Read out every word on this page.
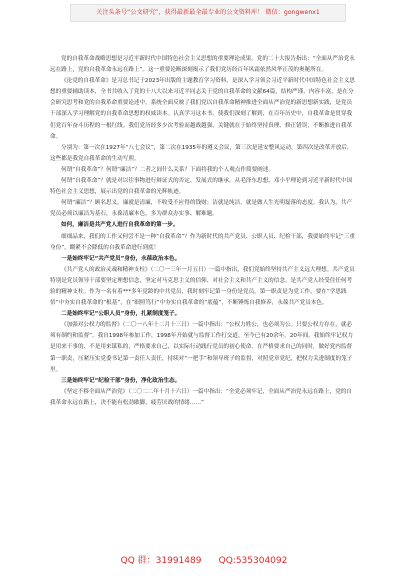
关注头条号“公文研究”，获得最新最全最专业的公文资料库！ 微信：gongwenx1

党的自我革命战略思想是习近平新时代中国特色社会主义思想的重要理论成果。党的二十大报告指出：“全面从严治党永远在路上，党的自我革命永远在路上”。这一重要论断深刻揭示了我们党历经百年风霜依然风华正茂的奥秘所在。

《论党的自我革命》是习总书记于2023年出版的主题教育学习资料，是深入学习领会习近平新时代中国特色社会主义思想的重要辅助读本，全书共收入了党的十八大以来习近平同志关于党的自我革命的文献64篇，结构严谨，内容丰富，是在分会研究思考和党的自我革命重要论述中，系统全面反映了我们党以自我革命精神推进全面从严治党的新思想新实践，是党员干部深入学习理解党的自我革命思想的权威读本。认真学习这本书，使我们深刻了解到，在百年历史中，自我革命是贯穿我们党百年奋斗历程的一根红线。我们党历经多少次考验而越战越强，关键就在于始终坚持真理、修正错误，不断推进自我革命。

分别为：第一次在1927年“八七会议”，第二次在1935年的遵义会议，第三次是延安整风运动，第四次是改革开放后，这些都是我党自我革命的生动写照。

何谓“自我革命”？何谓“廉洁”？二者之间什么关系？下面将我的个人观点作简要阐述。

何谓“自我革命”？就是对以往事物进行辩证式的否定、发展式的继承，从毛泽东思想、邓小平理论到习近平新时代中国特色社会主义思想，展示出党的自我革命的光辉轨迹。

何谓“廉洁”？顾名思义，廉就是清廉，不收受不应得的钱财；洁就是纯洁，就是做人生光明磊落的态度。我认为，共产党员必须以廉洁为基石，永葆清廉本色，多为群众办实事、解难题。

如何，廉洁是共产党人进行自我革命的第一步。

细细品来，我们的工作又何尝不是一种“自我革命”？作为新时代的共产党员、公职人员、纪检干部，我要始终牢记“三重身份”，绷紧不会降低的自我革命进行到底！

一是始终牢记“共产党员”身份，永葆政治本色。

《共产党人的政治灵魂和精神支柱》（二〇一三年一月五日）一篇中指出，我们党始终坚持共产主义远大理想。共产党员特别是党员领导干部要坚定理想信念，坚定对马克思主义的信仰、对社会主义和共产主义的信念。是共产党人经受住任何考验的精神支柱。作为一名有着***多年党龄的中共党员，我时刻牢记第一身份是党员，第一职责是为党工作，要在“学思践悟”中夯实自我革命的“根基”，在“细照笃行”中夯实自我革命的“底蕴”，不断锤炼自我修养，永葆共产党员本色。

二是始终牢记“公职人员”身份，扎紧制度笼子。

《加强对公权力的监督》（二〇一八年十二月十三日）一篇中指出：“公权力姓公，也必须为公。只要公权力存在，就必须有制约和监督”。我自1998年参加工作，1998年开始就与监督工作打交道，至今已有20余年。20年间，我始终牢记权力是用来干事的、不是用来谋私的，严格要求自己，以实际行动践行党员的初心使命。在严格要求自己的同时，做好党内监督第一职责，压紧压实党委书记第一责任人责任，持续对“一把手”和领导班子的监督，对照党章党纪，把权力关进制度的笼子里。

三是始终牢记“纪检干部”身份，净化政治生态。

《坚定不移全面从严治党》（二〇二二年十月十六日）一篇中指出：“全党必须牢记，全面从严治党永远在路上，党的自我革命永远在路上，决不能有松劲歇脚、疲劳厌战的情绪……”

QQ 群：31991489 QQ:535304092
